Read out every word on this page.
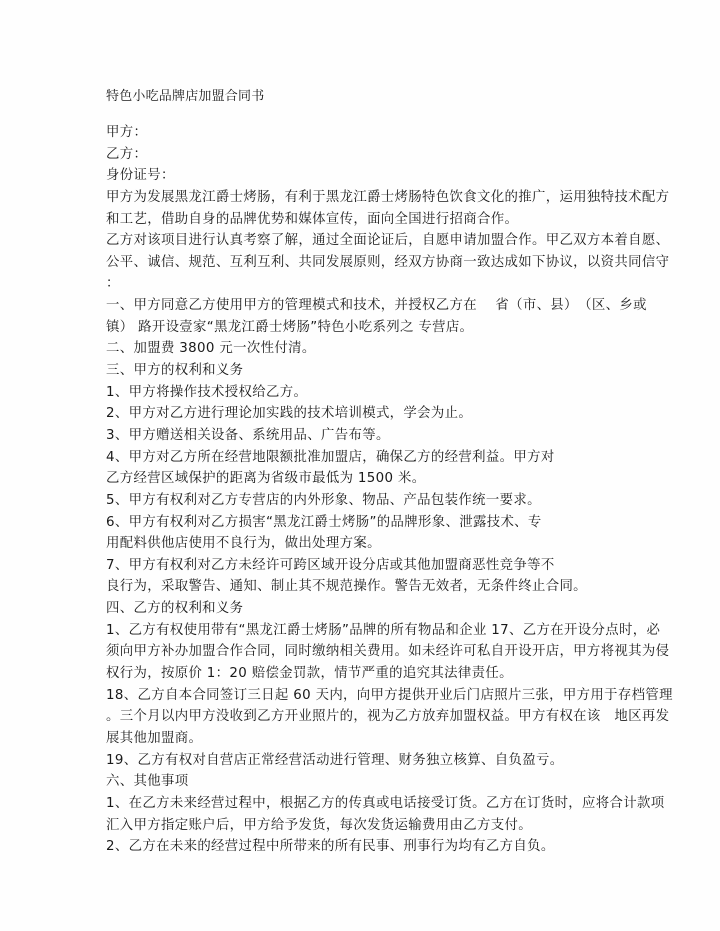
特色小吃品牌店加盟合同书
甲方：
乙方：
身份证号：
甲方为发展黑龙江爵士烤肠，有利于黑龙江爵士烤肠特色饮食文化的推广，运用独特技术配方
和工艺，借助自身的品牌优势和媒体宣传，面向全国进行招商合作。
乙方对该项目进行认真考察了解，通过全面论证后，自愿申请加盟合作。甲乙双方本着自愿、
公平、诚信、规范、互利互利、共同发展原则，经双方协商一致达成如下协议，以资共同信守
：
一、甲方同意乙方使用甲方的管理模式和技术，并授权乙方在　 省（市、县）　（区、乡或
镇） 路开设壹家“黑龙江爵士烤肠”特色小吃系列之 专营店。
二、加盟费 3800 元一次性付清。
三、甲方的权利和义务
1、甲方将操作技术授权给乙方。
2、甲方对乙方进行理论加实践的技术培训模式，学会为止。
3、甲方赠送相关设备、系统用品、广告布等。
4、甲方对乙方所在经营地限额批准加盟店，确保乙方的经营利益。甲方对
乙方经营区域保护的距离为省级市最低为 1500 米。
5、甲方有权利对乙方专营店的内外形象、物品、产品包装作统一要求。
6、甲方有权利对乙方损害“黑龙江爵士烤肠”的品牌形象、泄露技术、专
用配料供他店使用不良行为，做出处理方案。
7、甲方有权利对乙方未经许可跨区域开设分店或其他加盟商恶性竞争等不
良行为，采取警告、通知、制止其不规范操作。警告无效者，无条件终止合同。
四、乙方的权利和义务
1、乙方有权使用带有“黑龙江爵士烤肠”品牌的所有物品和企业 17、乙方在开设分点时，必
须向甲方补办加盟合作合同，同时缴纳相关费用。如未经许可私自开设开店，甲方将视其为侵
权行为，按原价 1：20 赔偿金罚款，情节严重的追究其法律责任。
18、乙方自本合同签订三日起 60 天内，向甲方提供开业后门店照片三张，甲方用于存档管理
。三个月以内甲方没收到乙方开业照片的，视为乙方放弃加盟权益。甲方有权在该　地区再发
展其他加盟商。
19、乙方有权对自营店正常经营活动进行管理、财务独立核算、自负盈亏。
六、其他事项
1、在乙方未来经营过程中，根据乙方的传真或电话接受订货。乙方在订货时，应将合计款项
汇入甲方指定账户后，甲方给予发货，每次发货运输费用由乙方支付。
2、乙方在未来的经营过程中所带来的所有民事、刑事行为均有乙方自负。
